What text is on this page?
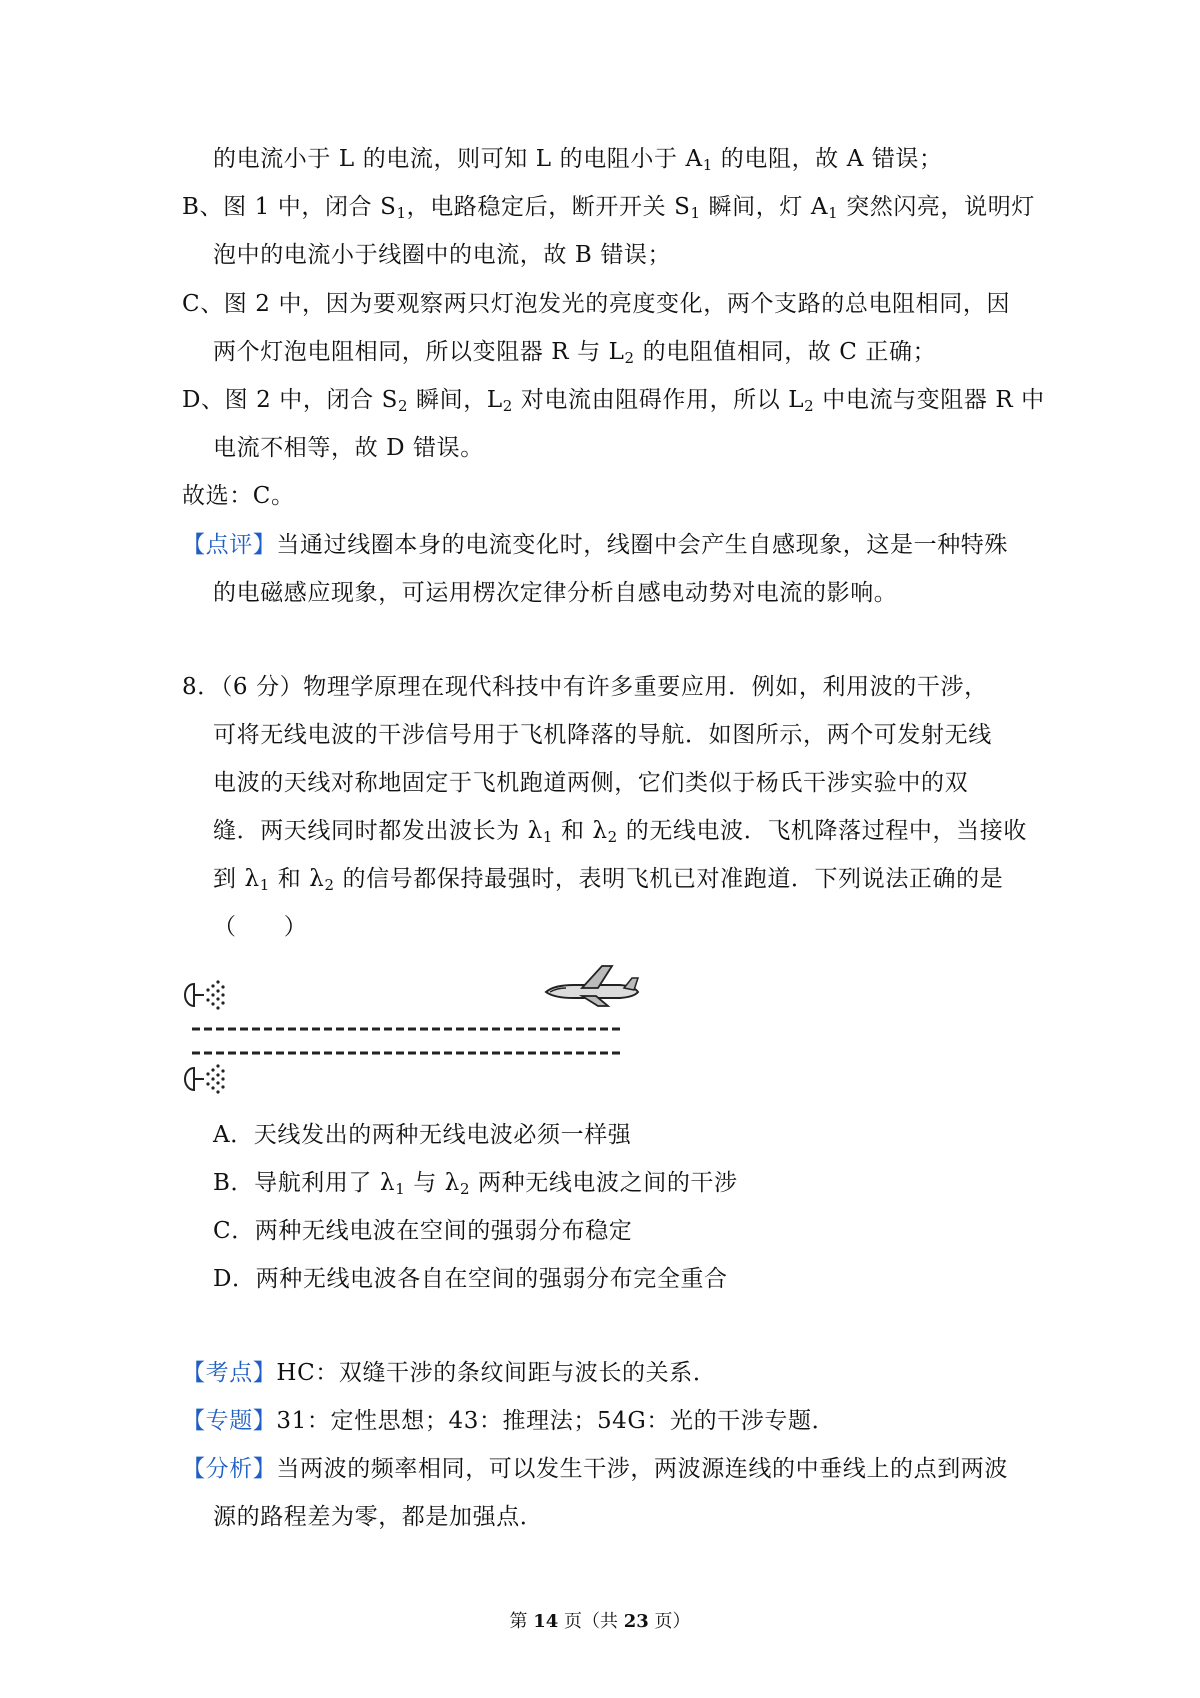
的电流小于 L 的电流，则可知 L 的电阻小于 $A_1$ 的电阻，故 A 错误；
B、图 1 中，闭合 $S_1$，电路稳定后，断开开关 $S_1$ 瞬间，灯 $A_1$ 突然闪亮，说明灯
泡中的电流小于线圈中的电流，故 B 错误；
C、图 2 中，因为要观察两只灯泡发光的亮度变化，两个支路的总电阻相同，因
两个灯泡电阻相同，所以变阻器 R 与 $L_2$ 的电阻值相同，故 C 正确；
D、图 2 中，闭合 $S_2$ 瞬间，$L_2$ 对电流由阻碍作用，所以 $L_2$ 中电流与变阻器 R 中
电流不相等，故 D 错误。
故选：C。
【点评】当通过线圈本身的电流变化时，线圈中会产生自感现象，这是一种特殊
的电磁感应现象，可运用楞次定律分析自感电动势对电流的影响。
8．（6 分）物理学原理在现代科技中有许多重要应用．例如，利用波的干涉，
可将无线电波的干涉信号用于飞机降落的导航．如图所示，两个可发射无线
电波的天线对称地固定于飞机跑道两侧，它们类似于杨氏干涉实验中的双
缝．两天线同时都发出波长为 $\lambda_1$ 和 $\lambda_2$ 的无线电波．飞机降落过程中，当接收
到 $\lambda_1$ 和 $\lambda_2$ 的信号都保持最强时，表明飞机已对准跑道．下列说法正确的是
（　　）
A．天线发出的两种无线电波必须一样强
B．导航利用了 $\lambda_1$ 与 $\lambda_2$ 两种无线电波之间的干涉
C．两种无线电波在空间的强弱分布稳定
D．两种无线电波各自在空间的强弱分布完全重合
【考点】HC：双缝干涉的条纹间距与波长的关系．
【专题】31：定性思想；43：推理法；54G：光的干涉专题．
【分析】当两波的频率相同，可以发生干涉，两波源连线的中垂线上的点到两波
源的路程差为零，都是加强点．
第 14 页（共 23 页）
